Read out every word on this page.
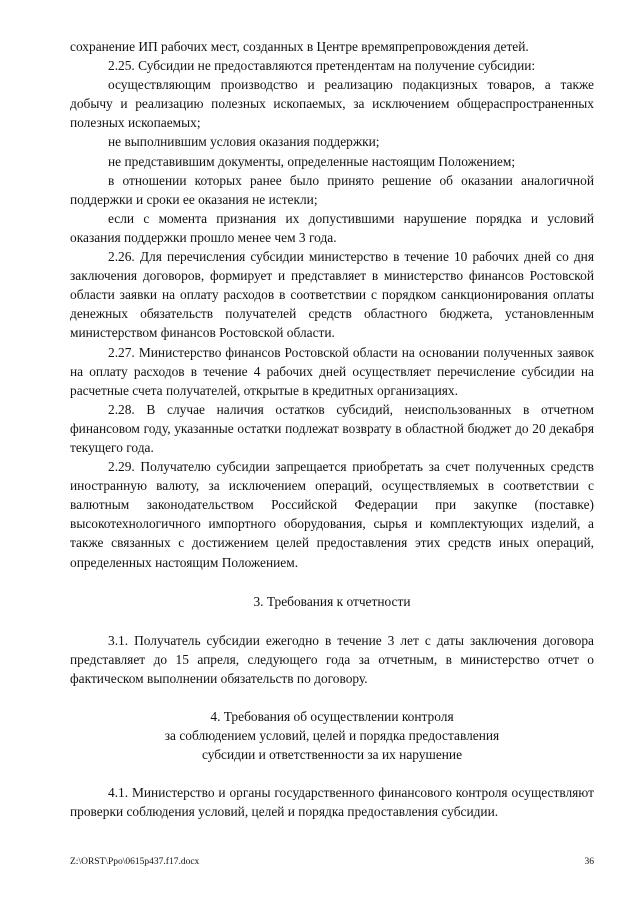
сохранение ИП рабочих мест, созданных в Центре времяпрепровождения детей.

2.25. Субсидии не предоставляются претендентам на получение субсидии:

осуществляющим производство и реализацию подакцизных товаров, а также добычу и реализацию полезных ископаемых, за исключением общераспространенных полезных ископаемых;

не выполнившим условия оказания поддержки;

не представившим документы, определенные настоящим Положением;

в отношении которых ранее было принято решение об оказании аналогичной поддержки и сроки ее оказания не истекли;

если с момента признания их допустившими нарушение порядка и условий оказания поддержки прошло менее чем 3 года.

2.26. Для перечисления субсидии министерство в течение 10 рабочих дней со дня заключения договоров, формирует и представляет в министерство финансов Ростовской области заявки на оплату расходов в соответствии с порядком санкционирования оплаты денежных обязательств получателей средств областного бюджета, установленным министерством финансов Ростовской области.

2.27. Министерство финансов Ростовской области на основании полученных заявок на оплату расходов в течение 4 рабочих дней осуществляет перечисление субсидии на расчетные счета получателей, открытые в кредитных организациях.

2.28. В случае наличия остатков субсидий, неиспользованных в отчетном финансовом году, указанные остатки подлежат возврату в областной бюджет до 20 декабря текущего года.

2.29. Получателю субсидии запрещается приобретать за счет полученных средств иностранную валюту, за исключением операций, осуществляемых в соответствии с валютным законодательством Российской Федерации при закупке (поставке) высокотехнологичного импортного оборудования, сырья и комплектующих изделий, а также связанных с достижением целей предоставления этих средств иных операций, определенных настоящим Положением.

3. Требования к отчетности

3.1. Получатель субсидии ежегодно в течение 3 лет с даты заключения договора представляет до 15 апреля, следующего года за отчетным, в министерство отчет о фактическом выполнении обязательств по договору.

4. Требования об осуществлении контроля

за соблюдением условий, целей и порядка предоставления

субсидии и ответственности за их нарушение

4.1. Министерство и органы государственного финансового контроля осуществляют проверки соблюдения условий, целей и порядка предоставления субсидии.

Z:\ORST\Ppo\0615p437.f17.docx	36
